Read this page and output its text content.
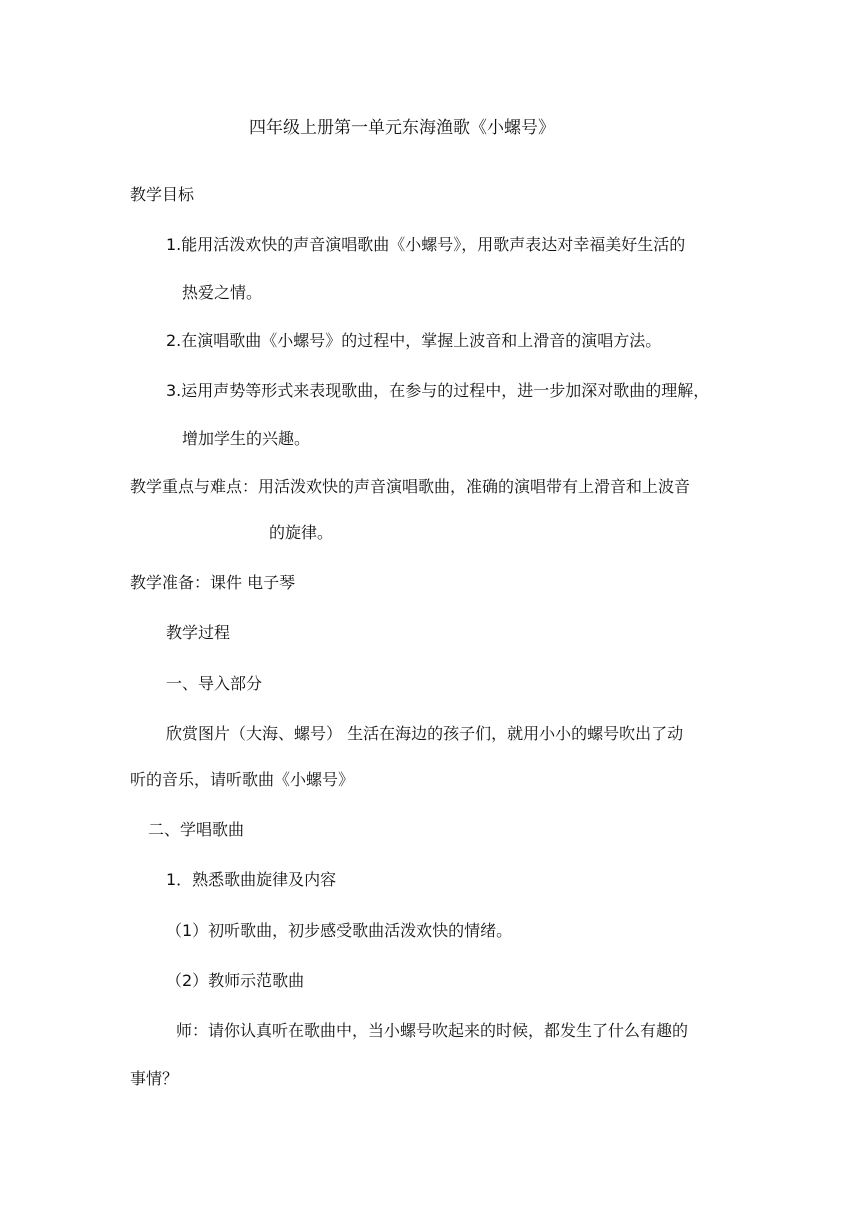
四年级上册第一单元东海渔歌《小螺号》
教学目标
1.能用活泼欢快的声音演唱歌曲《小螺号》，用歌声表达对幸福美好生活的
热爱之情。
2.在演唱歌曲《小螺号》的过程中，掌握上波音和上滑音的演唱方法。
3.运用声势等形式来表现歌曲，在参与的过程中，进一步加深对歌曲的理解，
增加学生的兴趣。
教学重点与难点：用活泼欢快的声音演唱歌曲，准确的演唱带有上滑音和上波音
的旋律。
教学准备：课件 电子琴
教学过程
一、导入部分
欣赏图片（大海、螺号） 生活在海边的孩子们，就用小小的螺号吹出了动
听的音乐，请听歌曲《小螺号》
二、学唱歌曲
1．熟悉歌曲旋律及内容
（1）初听歌曲，初步感受歌曲活泼欢快的情绪。
（2）教师示范歌曲
师：请你认真听在歌曲中，当小螺号吹起来的时候，都发生了什么有趣的
事情？
